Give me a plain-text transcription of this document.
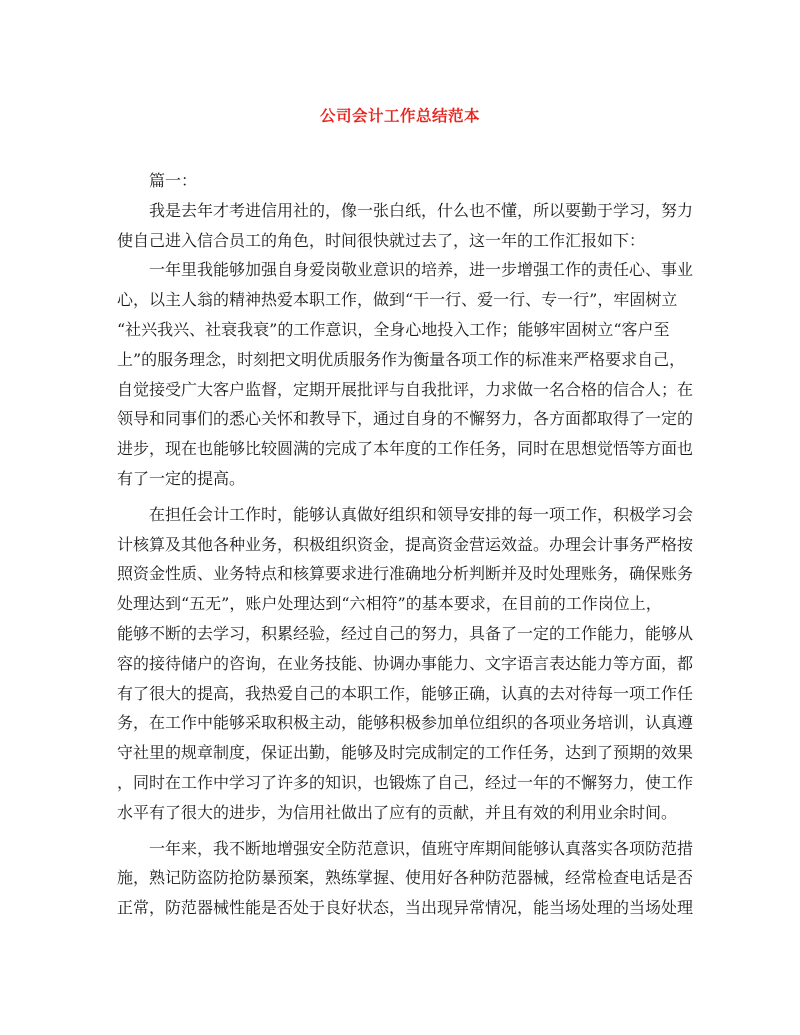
公司会计工作总结范本
篇一：
我是去年才考进信用社的，像一张白纸，什么也不懂，所以要勤于学习，努力
使自己进入信合员工的角色，时间很快就过去了，这一年的工作汇报如下：
一年里我能够加强自身爱岗敬业意识的培养，进一步增强工作的责任心、事业
心，以主人翁的精神热爱本职工作，做到“干一行、爱一行、专一行”，牢固树立
“社兴我兴、社衰我衰”的工作意识，全身心地投入工作；能够牢固树立“客户至
上”的服务理念，时刻把文明优质服务作为衡量各项工作的标准来严格要求自己，
自觉接受广大客户监督，定期开展批评与自我批评，力求做一名合格的信合人；在
领导和同事们的悉心关怀和教导下，通过自身的不懈努力，各方面都取得了一定的
进步，现在也能够比较圆满的完成了本年度的工作任务，同时在思想觉悟等方面也
有了一定的提高。
在担任会计工作时，能够认真做好组织和领导安排的每一项工作，积极学习会
计核算及其他各种业务，积极组织资金，提高资金营运效益。办理会计事务严格按
照资金性质、业务特点和核算要求进行准确地分析判断并及时处理账务，确保账务
处理达到“五无”，账户处理达到“六相符”的基本要求，在目前的工作岗位上，
能够不断的去学习，积累经验，经过自己的努力，具备了一定的工作能力，能够从
容的接待储户的咨询，在业务技能、协调办事能力、文字语言表达能力等方面，都
有了很大的提高，我热爱自己的本职工作，能够正确，认真的去对待每一项工作任
务，在工作中能够采取积极主动，能够积极参加单位组织的各项业务培训，认真遵
守社里的规章制度，保证出勤，能够及时完成制定的工作任务，达到了预期的效果
，同时在工作中学习了许多的知识，也锻炼了自己，经过一年的不懈努力，使工作
水平有了很大的进步，为信用社做出了应有的贡献，并且有效的利用业余时间。
一年来，我不断地增强安全防范意识，值班守库期间能够认真落实各项防范措
施，熟记防盗防抢防暴预案，熟练掌握、使用好各种防范器械，经常检查电话是否
正常，防范器械性能是否处于良好状态，当出现异常情况，能当场处理的当场处理
